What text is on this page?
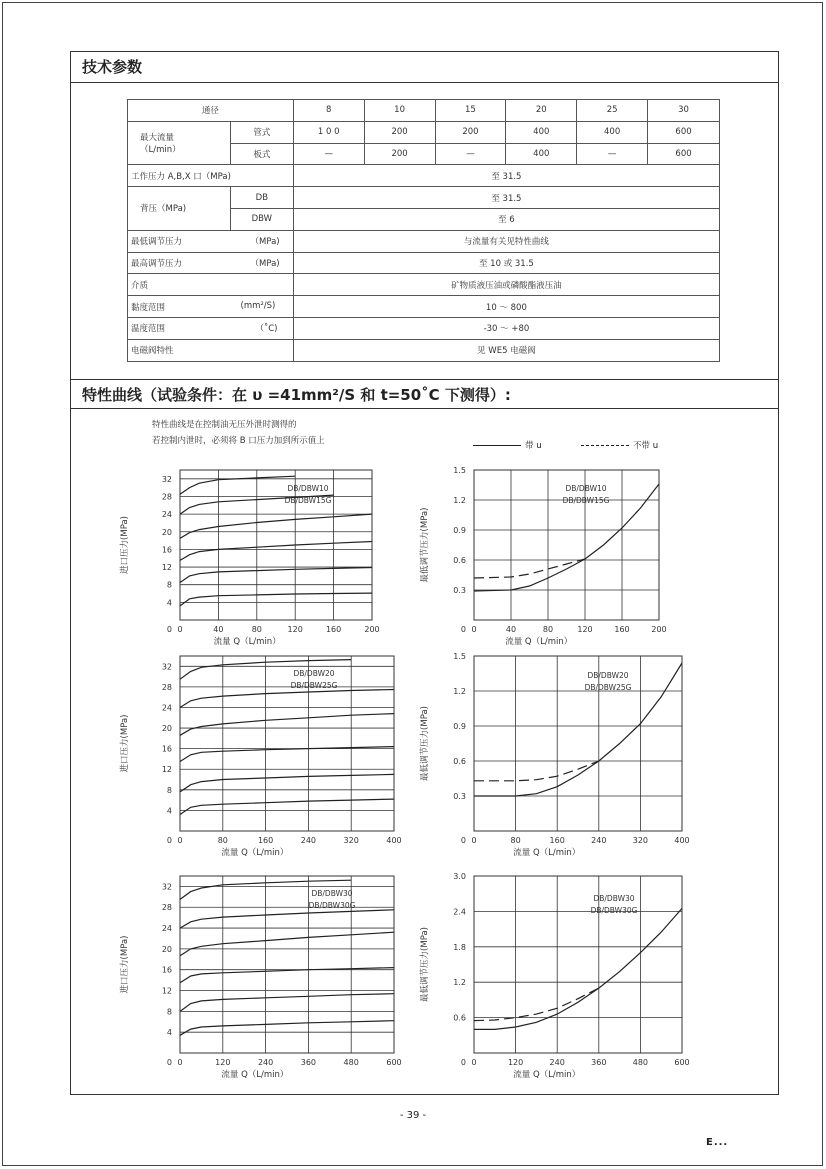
技术参数
通径		8	10	15	20	25	30

最大流量
（L/min）	管式	1 0 0	200	200	400	400	600
	板式	—	200	—	400	—	600
工作压力 A,B,X 口（MPa)		至 31.5					
背压（MPa)	DB	至 31.5					
	DBW	至 6					
最低调节压力 （MPa)		与流量有关见特性曲线					
最高调节压力 （MPa)		至 10 或 31.5					
介质		矿物质液压油或磷酸酯液压油					
黏度范围 (mm²/S)		10 ～ 800					
温度范围 （˚C)		-30 ～ +80					
电磁阀特性		见 WE5 电磁阀					
特性曲线（试验条件：在 υ =41mm²/S 和 t=50˚C 下测得）:
特性曲线是在控制油无压外泄时测得的
若控制内泄时，必须将 B 口压力加到所示值上	带 u	不带 u
0	40	80	120	160	200
0
4
8
12
16
20
24
28
32
流量 Q（L/min）
进口压力(MPa)
DB/DBW10
DB/DBW15G
0	40	80	120	160	200
0
0.3
0.6
0.9
1.2
1.5
流量 Q（L/min）
最低调节压力(MPa)
DB/DBW10
DB/DBW15G
0	80	160	240	320	400
0
4
8
12
16
20
24
28
32
流量 Q（L/min）
进口压力(MPa)
DB/DBW20
DB/DBW25G
0	80	160	240	320	400
0
0.3
0.6
0.9
1.2
1.5
流量 Q（L/min）
最低调节压力(MPa)
DB/DBW20
DB/DBW25G
0	120	240	360	480	600
0
4
8
12
16
20
24
28
32
流量 Q（L/min）
进口压力(MPa)
DB/DBW30
DB/DBW30G
0	120	240	360	480	600
0
0.6
1.2
1.8
2.4
3.0
流量 Q（L/min）
最低调节压力(MPa)
DB/DBW30
DB/DBW30G
- 39 -
E...
